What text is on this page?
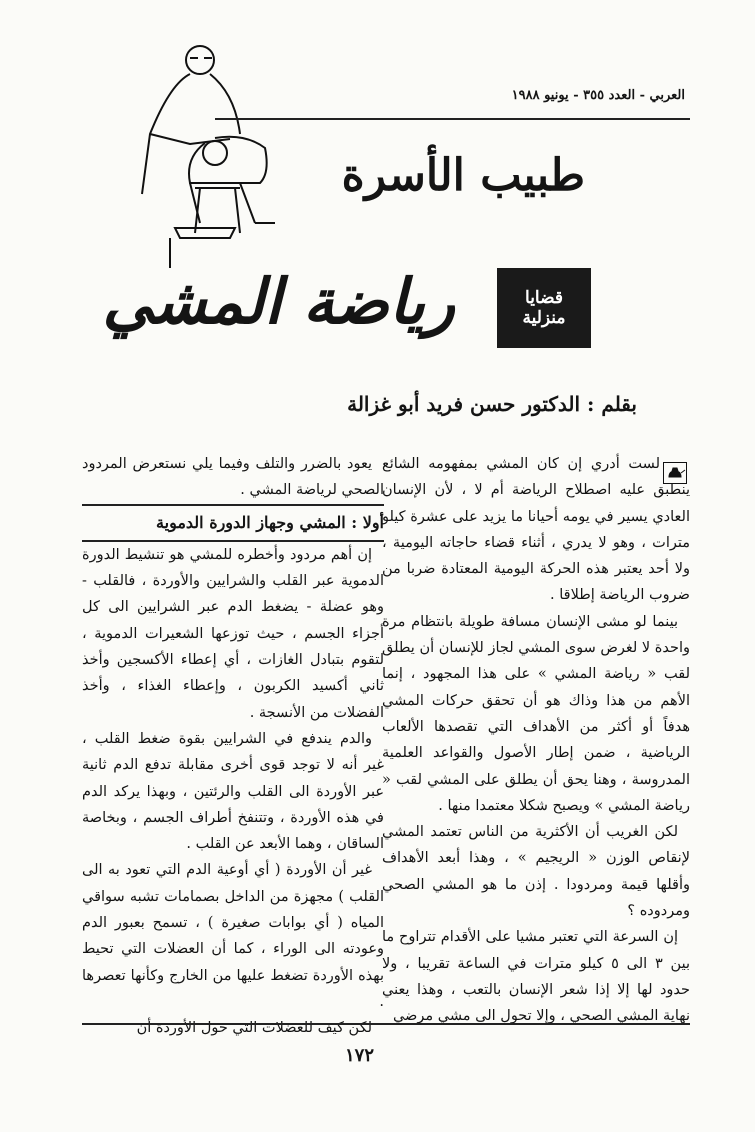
العربي - العدد ٣٥٥ - يونيو ١٩٨٨
طبيب الأسرة
رياضة المشي	قضايا
منزلية
بقلم : الدكتور حسن فريد أبو غزالة

لست أدري إن كان المشي بمفهومه الشائع ينطبق عليه اصطلاح الرياضة أم لا ، لأن الإنسان العادي يسير في يومه أحيانا ما يزيد على عشرة كيلو مترات ، وهو لا يدري ، أثناء قضاء حاجاته اليومية ، ولا أحد يعتبر هذه الحركة اليومية المعتادة ضربا من ضروب الرياضة إطلاقا .

بينما لو مشى الإنسان مسافة طويلة بانتظام مرة واحدة لا لغرض سوى المشي لجاز للإنسان أن يطلق لقب « رياضة المشي » على هذا المجهود ، إنما الأهم من هذا وذاك هو أن تحقق حركات المشي هدفاً أو أكثر من الأهداف التي تقصدها الألعاب الرياضية ، ضمن إطار الأصول والقواعد العلمية المدروسة ، وهنا يحق أن يطلق على المشي لقب « رياضة المشي » ويصبح شكلا معتمدا منها .

لكن الغريب أن الأكثرية من الناس تعتمد المشي لإنقاص الوزن « الريجيم » ، وهذا أبعد الأهداف وأقلها قيمة ومردودا . إذن ما هو المشي الصحي ومردوده ؟

إن السرعة التي تعتبر مشيا على الأقدام تتراوح ما بين ٣ الى ٥ كيلو مترات في الساعة تقريبا ، ولا حدود لها إلا إذا شعر الإنسان بالتعب ، وهذا يعني نهاية المشي الصحي ، وإلا تحول الى مشي مرضي

يعود بالضرر والتلف وفيما يلي نستعرض المردود الصحي لرياضة المشي .

أولا : المشي وجهاز الدورة الدموية

إن أهم مردود وأخطره للمشي هو تنشيط الدورة الدموية عبر القلب والشرايين والأوردة ، فالقلب - وهو عضلة - يضغط الدم عبر الشرايين الى كل أجزاء الجسم ، حيث توزعها الشعيرات الدموية ، لتقوم بتبادل الغازات ، أي إعطاء الأكسجين وأخذ ثاني أكسيد الكربون ، وإعطاء الغذاء ، وأخذ الفضلات من الأنسجة .

والدم يندفع في الشرايين بقوة ضغط القلب ، غير أنه لا توجد قوى أخرى مقابلة تدفع الدم ثانية عبر الأوردة الى القلب والرئتين ، وبهذا يركد الدم في هذه الأوردة ، وتتنفخ أطراف الجسم ، وبخاصة الساقان ، وهما الأبعد عن القلب .

غير أن الأوردة ( أي أوعية الدم التي تعود به الى القلب ) مجهزة من الداخل بصمامات تشبه سواقي المياه ( أي بوابات صغيرة ) ، تسمح بعبور الدم وعودته الى الوراء ، كما أن العضلات التي تحيط بهذه الأوردة تضغط عليها من الخارج وكأنها تعصرها .

لكن كيف للعضلات التي حول الأوردة أن

١٧٢
